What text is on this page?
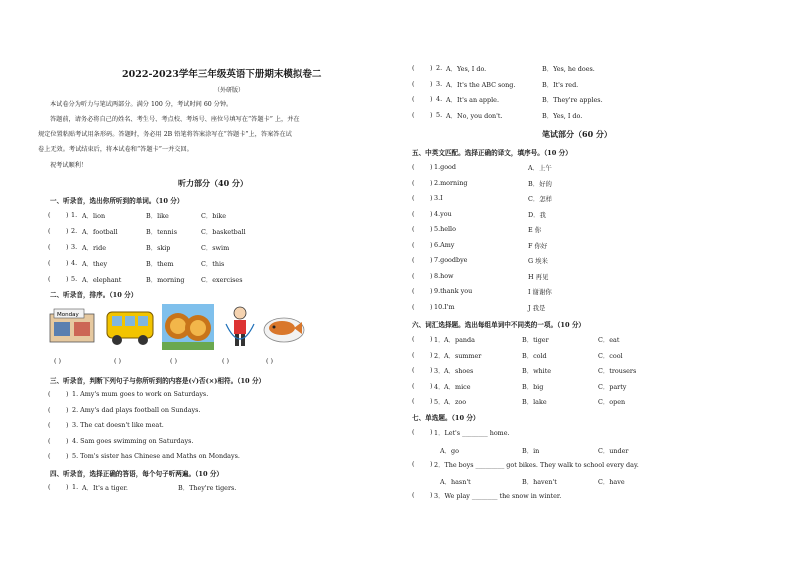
2022-2023学年三年级英语下册期末模拟卷二
（外研版）
本试卷分为听力与笔试两部分。满分 100 分，考试时间 60 分钟。
答题前，请务必将自己的姓名、考生号、考点校、考场号、座位号填写在“答题卡” 上，并在
规定位置粘贴考试用条形码。答题时，务必用 2B 铅笔将答案涂写在“答题卡”上，答案答在试
卷上无效。考试结束后，将本试卷和“答题卡”一并交回。
祝考试顺利！
听力部分（40 分）
一、听录音，选出你所听到的单词。（10 分）
( ) 1. A．lion	B．like	C．bike
( ) 2. A．football	B．tennis	C．basketball
( ) 3. A．ride	B．skip	C．swim
( ) 4. A．they	B．them	C．this
( ) 5. A．elephant	B．morning	C．exercises
二、听录音，排序。（10 分）
Monday
( )	( )	( )	( )	( )
三、听录音，判断下列句子与你所听到的内容是(√)否(×)相符。（10 分）
( ) 1. Amy's mum goes to work on Saturdays.
( ) 2. Amy's dad plays football on Sundays.
( ) 3. The cat doesn't like meat.
( ) 4. Sam goes swimming on Saturdays.
( ) 5. Tom's sister has Chinese and Maths on Mondays.
四、听录音，选择正确的答语，每个句子听两遍。（10 分）
( ) 1. A．It's a tiger.	B．They're tigers.
( ) 2. A．Yes, I do.	B．Yes, he does.
( ) 3. A．It's the ABC song.	B．It's red.
( ) 4. A．It's an apple.	B．They're apples.
( ) 5. A．No, you don't.	B．Yes, I do.
笔试部分（60 分）
五、中英文匹配。选择正确的译文，填序号。（10 分）
( ) 1.good	A．上午
( ) 2.morning	B．好的
( ) 3.I	C．怎样
( ) 4.you	D．我
( ) 5.hello	E 你
( ) 6.Amy	F 你好
( ) 7.goodbye	G 埃米
( ) 8.how	H 再见
( ) 9.thank you	I 谢谢你
( ) 10.I'm	J 我是
六、词汇选择题。选出每组单词中不同类的一项。（10 分）
( ) 1． A．panda	B．tiger	C．eat
( ) 2． A．summer	B．cold	C．cool
( ) 3． A．shoes	B．white	C．trousers
( ) 4． A．mice	B．big	C．party
( ) 5． A．zoo	B．lake	C．open
七、单选题。（10 分）
( ) 1．Let's ________ home.
A．go	B．in	C．under
( ) 2．The boys _________ got bikes. They walk to school every day.
A．hasn't	B．haven't	C．have
( ) 3．We play ________ the snow in winter.
